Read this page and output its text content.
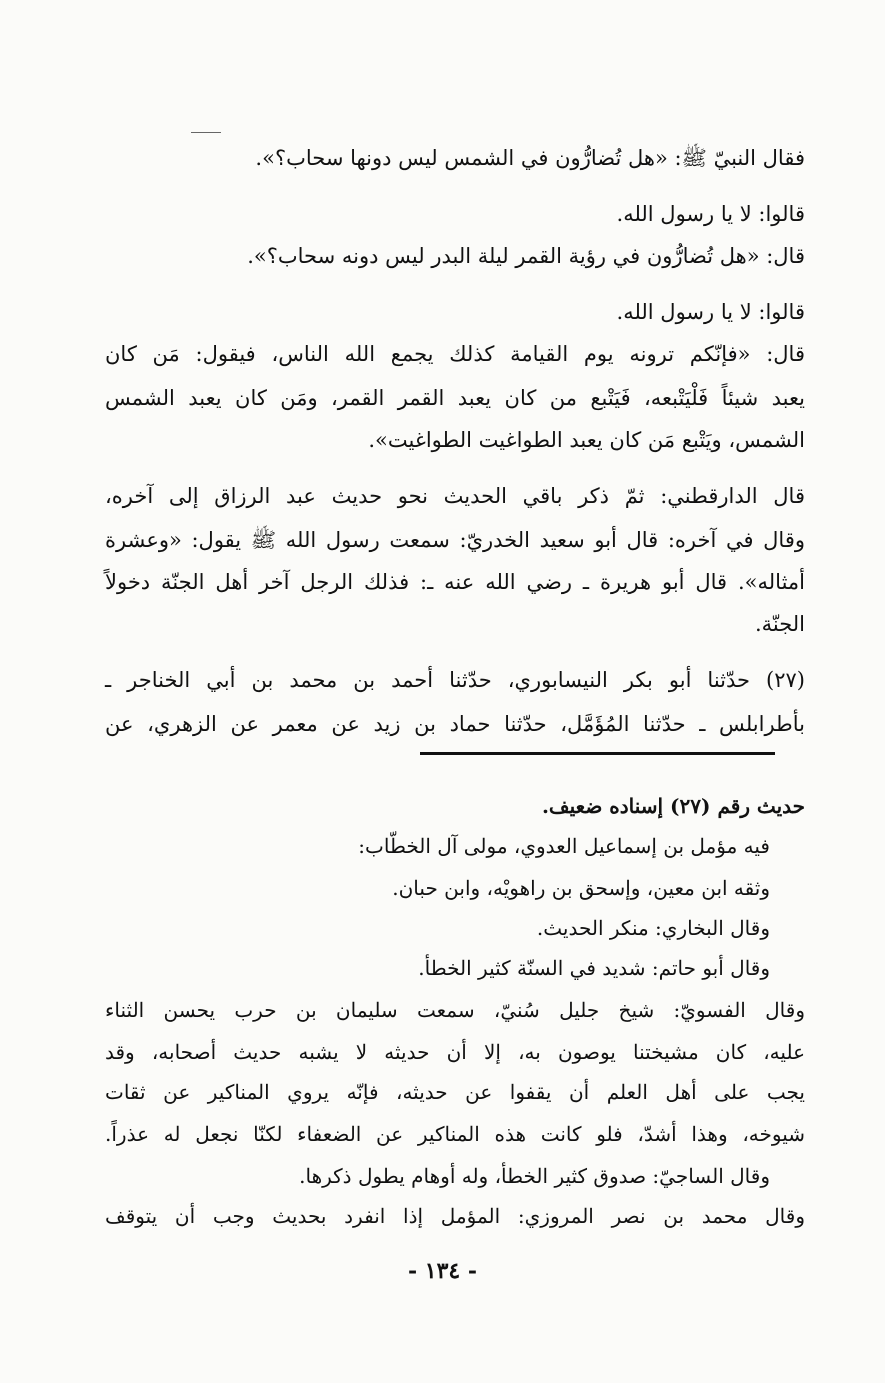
فقال النبيّ ﷺ: «هل تُضارُّون في الشمس ليس دونها سحاب؟».
قالوا: لا يا رسول الله.
قال: «هل تُضارُّون في رؤية القمر ليلة البدر ليس دونه سحاب؟».
قالوا: لا يا رسول الله.
قال: «فإنّكم ترونه يوم القيامة كذلك يجمع الله الناس، فيقول: مَن كان
يعبد شيئاً فَلْيَتْبعه، فَيَتْبع من كان يعبد القمر القمر، ومَن كان يعبد الشمس
الشمس، ويَتْبع مَن كان يعبد الطواغيت الطواغيت».
قال الدارقطني: ثمّ ذكر باقي الحديث نحو حديث عبد الرزاق إلى آخره،
وقال في آخره: قال أبو سعيد الخدريّ: سمعت رسول الله ﷺ يقول: «وعشرة
أمثاله». قال أبو هريرة ـ رضي الله عنه ـ: فذلك الرجل آخر أهل الجنّة دخولاً
الجنّة.
(٢٧) حدّثنا أبو بكر النيسابوري، حدّثنا أحمد بن محمد بن أبي الخناجر ـ
بأطرابلس ـ حدّثنا المُؤَمَّل، حدّثنا حماد بن زيد عن معمر عن الزهري، عن
حديث رقم (٢٧) إسناده ضعيف.
فيه مؤمل بن إسماعيل العدوي، مولى آل الخطّاب:
وثقه ابن معين، وإسحق بن راهويْه، وابن حبان.
وقال البخاري: منكر الحديث.
وقال أبو حاتم: شديد في السنّة كثير الخطأ.
وقال الفسويّ: شيخ جليل سُنيّ، سمعت سليمان بن حرب يحسن الثناء
عليه، كان مشيختنا يوصون به، إلا أن حديثه لا يشبه حديث أصحابه، وقد
يجب على أهل العلم أن يقفوا عن حديثه، فإنّه يروي المناكير عن ثقات
شيوخه، وهذا أشدّ، فلو كانت هذه المناكير عن الضعفاء لكنّا نجعل له عذراً.
وقال الساجيّ: صدوق كثير الخطأ، وله أوهام يطول ذكرها.
وقال محمد بن نصر المروزي: المؤمل إذا انفرد بحديث وجب أن يتوقف
- ١٣٤ -
